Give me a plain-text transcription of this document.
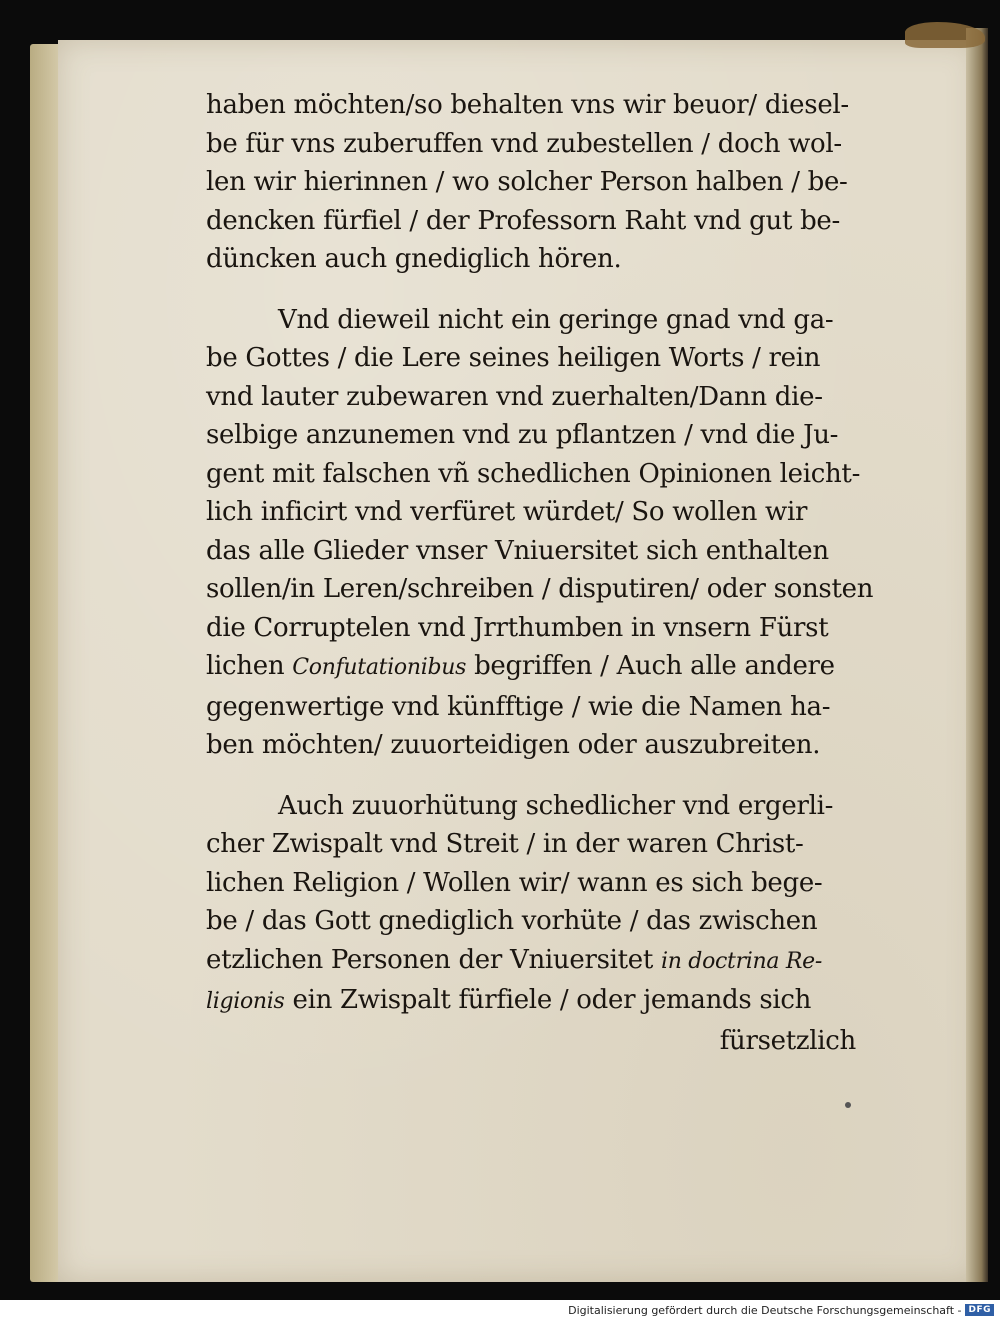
haben möchten/so behalten vns wir beuor/ diesel-
be für vns zuberuffen vnd zubestellen / doch wol-
len wir hierinnen / wo solcher Person halben / be-
dencken fürfiel / der Professorn Raht vnd gut be-
düncken auch gnediglich hören.

Vnd dieweil nicht ein geringe gnad vnd ga-
be Gottes / die Lere seines heiligen Worts / rein
vnd lauter zubewaren vnd zuerhalten/Dann die-
selbige anzunemen vnd zu pflantzen / vnd die Ju-
gent mit falschen vñ schedlichen Opinionen leicht-
lich inficirt vnd verfüret würdet/ So wollen wir
das alle Glieder vnser Vniuersitet sich enthalten
sollen/in Leren/schreiben / disputiren/ oder sonsten
die Corruptelen vnd Jrrthumben in vnsern Fürst
lichen Confutationibus begriffen / Auch alle andere
gegenwertige vnd künfftige / wie die Namen ha-
ben möchten/ zuuorteidigen oder auszubreiten.

Auch zuuorhütung schedlicher vnd ergerli-
cher Zwispalt vnd Streit / in der waren Christ-
lichen Religion / Wollen wir/ wann es sich bege-
be / das Gott gnediglich vorhüte / das zwischen
etzlichen Personen der Vniuersitet in doctrina Re-
ligionis ein Zwispalt fürfiele / oder jemands sich
fürsetzlich

Digitalisierung gefördert durch die Deutsche Forschungsgemeinschaft - DFG
